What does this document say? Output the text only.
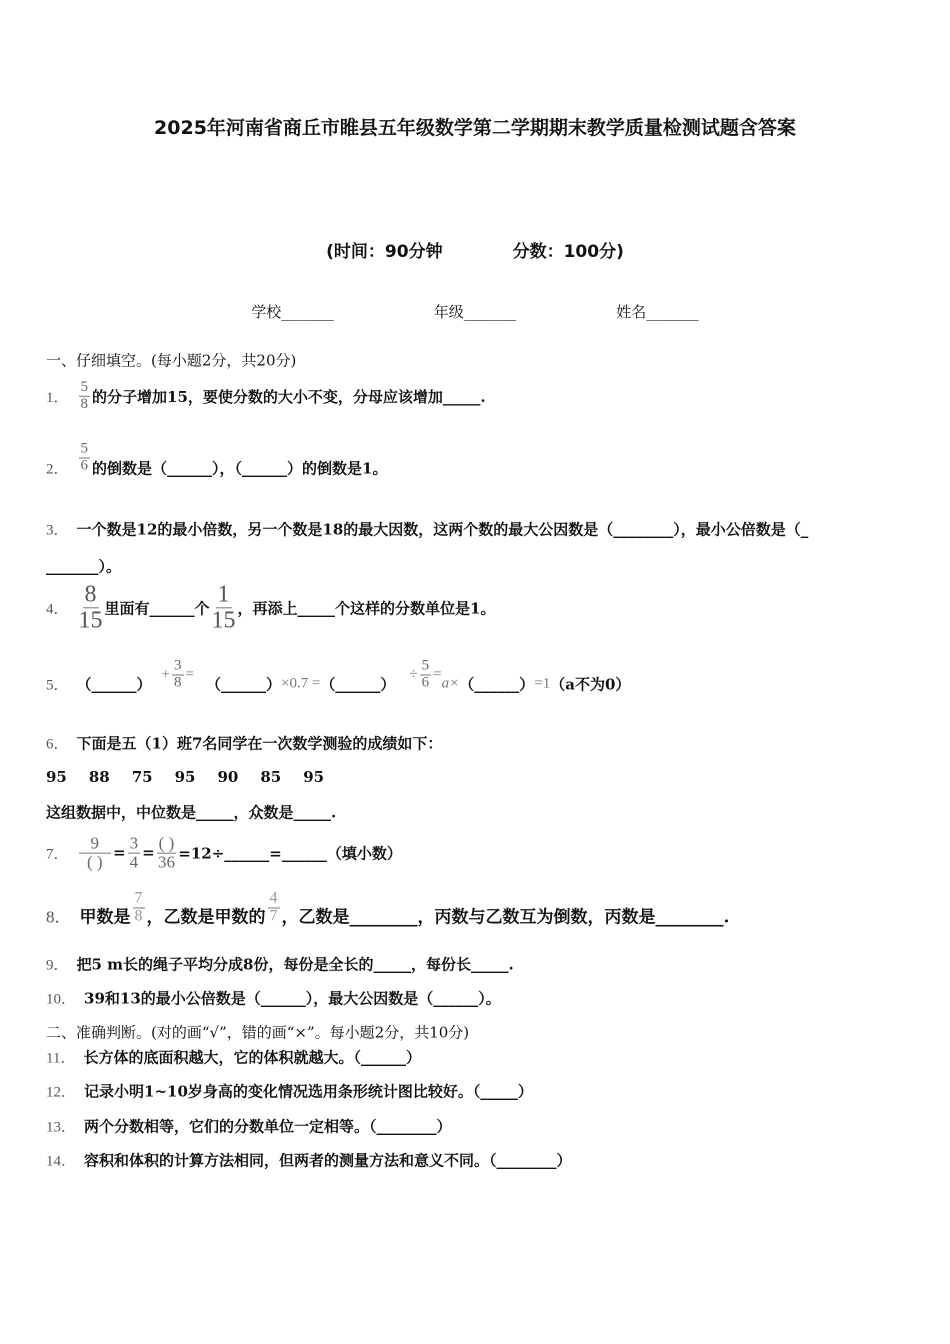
2025年河南省商丘市睢县五年级数学第二学期期末教学质量检测试题含答案
(时间：90分钟	分数：100分)
学校_______	年级_______	姓名_______
一、仔细填空。(每小题2分，共20分)
1． $\frac{5}{8}$ 的分子增加15，要使分数的大小不变，分母应该增加_____.
2． $\frac{5}{6}$ 的倒数是（______），（______）的倒数是1。
3． 一个数是12的最小倍数，另一个数是18的最大因数，这两个数的最大公因数是（________），最小公倍数是（_
_______）。
4． $\frac{8}{15}$ 里面有______个 $\frac{1}{15}$ ，再添上_____个这样的分数单位是1。
5． （______）
+ $\frac{3}{8}$ =
（______） ×0.7 = （______）
÷ $\frac{5}{6}$ =
a× （______） =1 （a不为0）
6． 下面是五（1）班7名同学在一次数学测验的成绩如下：
95 88 75 95 90 85 95
这组数据中，中位数是_____，众数是_____.
7． $\frac{9}{( )} = \frac{3}{4} = \frac{( )}{36}$ =12÷______=______（填小数）
8． 甲数是 $\frac{7}{8}$ ，乙数是甲数的 $\frac{4}{7}$ ，乙数是________，丙数与乙数互为倒数，丙数是________.
9． 把5 m长的绳子平均分成8份，每份是全长的_____，每份长_____.
10． 39和13的最小公倍数是（______），最大公因数是（______）。
二、准确判断。(对的画“√”，错的画“×”。每小题2分，共10分)
11． 长方体的底面积越大，它的体积就越大。（______）
12． 记录小明1~10岁身高的变化情况选用条形统计图比较好。（_____）
13． 两个分数相等，它们的分数单位一定相等。（________）
14． 容积和体积的计算方法相同，但两者的测量方法和意义不同。（________）
